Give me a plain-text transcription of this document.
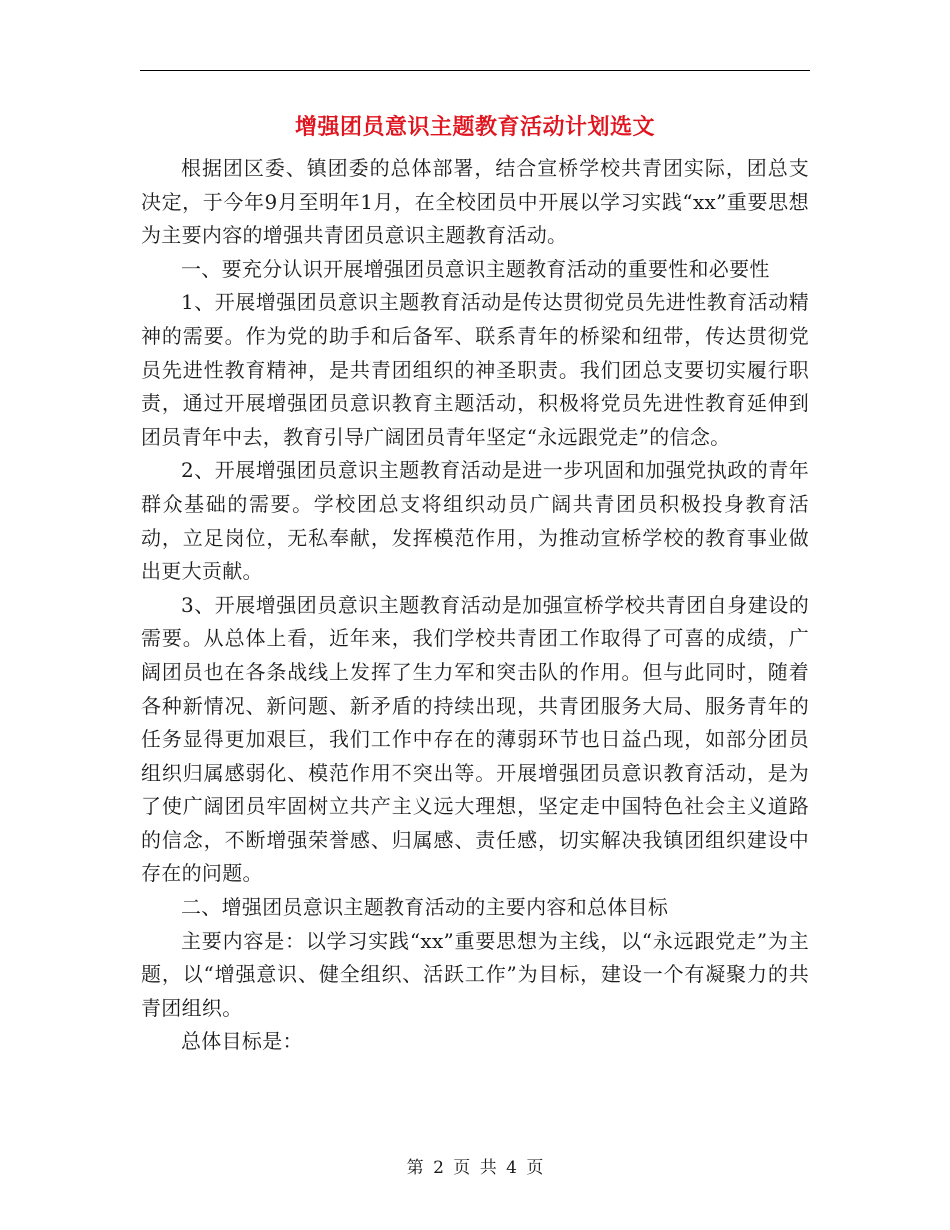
增强团员意识主题教育活动计划选文

根据团区委、镇团委的总体部署，结合宣桥学校共青团实际，团总支决定，于今年9月至明年1月，在全校团员中开展以学习实践“xx”重要思想为主要内容的增强共青团员意识主题教育活动。

一、要充分认识开展增强团员意识主题教育活动的重要性和必要性

1、开展增强团员意识主题教育活动是传达贯彻党员先进性教育活动精神的需要。作为党的助手和后备军、联系青年的桥梁和纽带，传达贯彻党员先进性教育精神，是共青团组织的神圣职责。我们团总支要切实履行职责，通过开展增强团员意识教育主题活动，积极将党员先进性教育延伸到团员青年中去，教育引导广阔团员青年坚定“永远跟党走”的信念。

2、开展增强团员意识主题教育活动是进一步巩固和加强党执政的青年群众基础的需要。学校团总支将组织动员广阔共青团员积极投身教育活动，立足岗位，无私奉献，发挥模范作用，为推动宣桥学校的教育事业做出更大贡献。

3、开展增强团员意识主题教育活动是加强宣桥学校共青团自身建设的需要。从总体上看，近年来，我们学校共青团工作取得了可喜的成绩，广阔团员也在各条战线上发挥了生力军和突击队的作用。但与此同时，随着各种新情况、新问题、新矛盾的持续出现，共青团服务大局、服务青年的任务显得更加艰巨，我们工作中存在的薄弱环节也日益凸现，如部分团员组织归属感弱化、模范作用不突出等。开展增强团员意识教育活动，是为了使广阔团员牢固树立共产主义远大理想，坚定走中国特色社会主义道路的信念，不断增强荣誉感、归属感、责任感，切实解决我镇团组织建设中存在的问题。

二、增强团员意识主题教育活动的主要内容和总体目标

主要内容是：以学习实践“xx”重要思想为主线，以“永远跟党走”为主题，以“增强意识、健全组织、活跃工作”为目标，建设一个有凝聚力的共青团组织。

总体目标是：

第 2 页 共 4 页
